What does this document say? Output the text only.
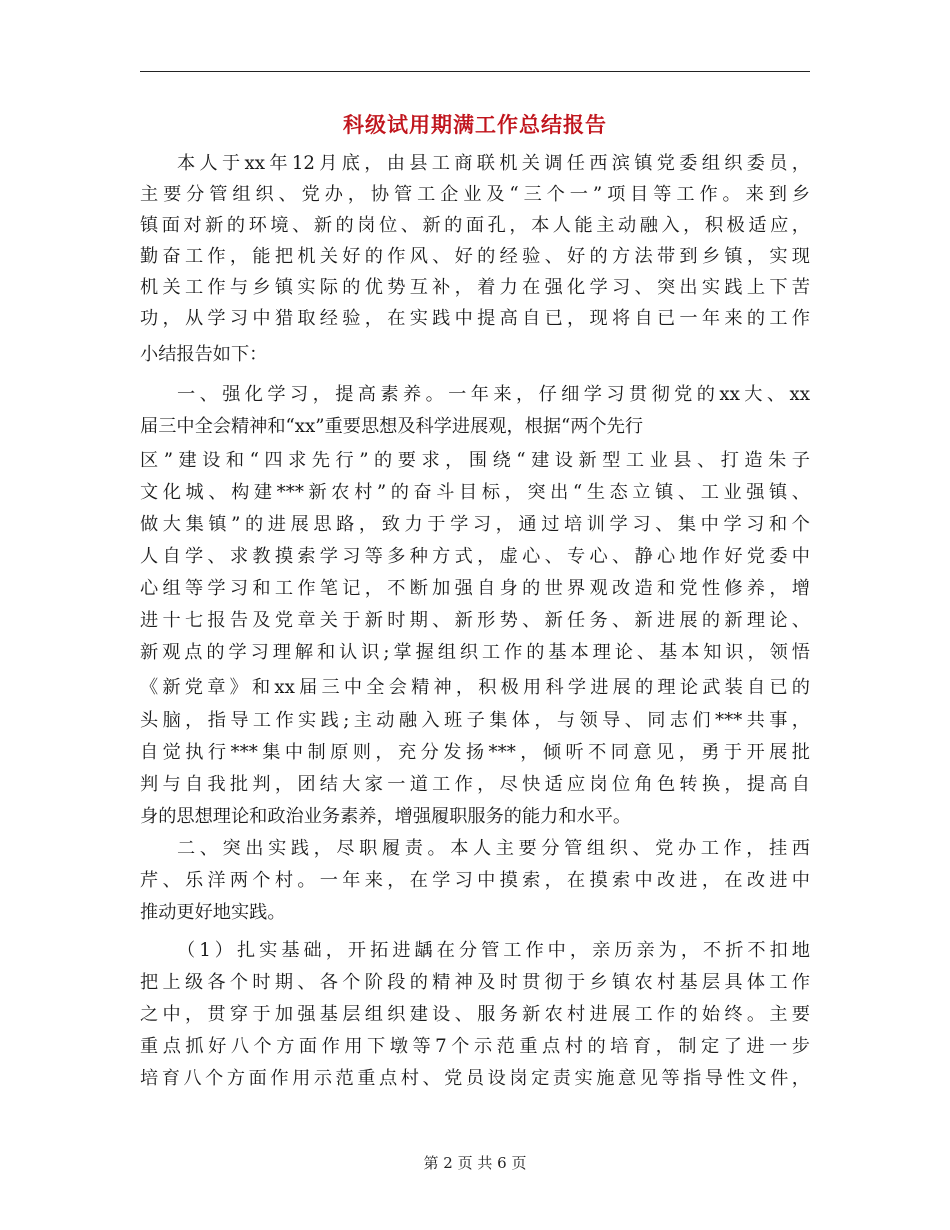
科级试用期满工作总结报告
本人于xx年12月底，由县工商联机关调任西滨镇党委组织委员，
主要分管组织、党办，协管工企业及“三个一”项目等工作。来到乡
镇面对新的环境、新的岗位、新的面孔，本人能主动融入，积极适应，
勤奋工作，能把机关好的作风、好的经验、好的方法带到乡镇，实现
机关工作与乡镇实际的优势互补，着力在强化学习、突出实践上下苦
功，从学习中猎取经验，在实践中提高自已，现将自已一年来的工作
小结报告如下：
一、强化学习，提高素养。一年来，仔细学习贯彻党的xx大、xx
届三中全会精神和“xx”重要思想及科学进展观，根据“两个先行
区”建设和“四求先行”的要求，围绕“建设新型工业县、打造朱子
文化城、构建***新农村”的奋斗目标，突出“生态立镇、工业强镇、
做大集镇”的进展思路，致力于学习，通过培训学习、集中学习和个
人自学、求教摸索学习等多种方式，虚心、专心、静心地作好党委中
心组等学习和工作笔记，不断加强自身的世界观改造和党性修养，增
进十七报告及党章关于新时期、新形势、新任务、新进展的新理论、
新观点的学习理解和认识;掌握组织工作的基本理论、基本知识，领悟
《新党章》和xx届三中全会精神，积极用科学进展的理论武装自已的
头脑，指导工作实践;主动融入班子集体，与领导、同志们***共事，
自觉执行***集中制原则，充分发扬***，倾听不同意见，勇于开展批
判与自我批判，团结大家一道工作，尽快适应岗位角色转换，提高自
身的思想理论和政治业务素养，增强履职服务的能力和水平。
二、突出实践，尽职履责。本人主要分管组织、党办工作，挂西
芹、乐洋两个村。一年来，在学习中摸索，在摸索中改进，在改进中
推动更好地实践。
（1）扎实基础，开拓进龋在分管工作中，亲历亲为，不折不扣地
把上级各个时期、各个阶段的精神及时贯彻于乡镇农村基层具体工作
之中，贯穿于加强基层组织建设、服务新农村进展工作的始终。主要
重点抓好八个方面作用下墩等7个示范重点村的培育，制定了进一步
培育八个方面作用示范重点村、党员设岗定责实施意见等指导性文件，
第 2 页 共 6 页
